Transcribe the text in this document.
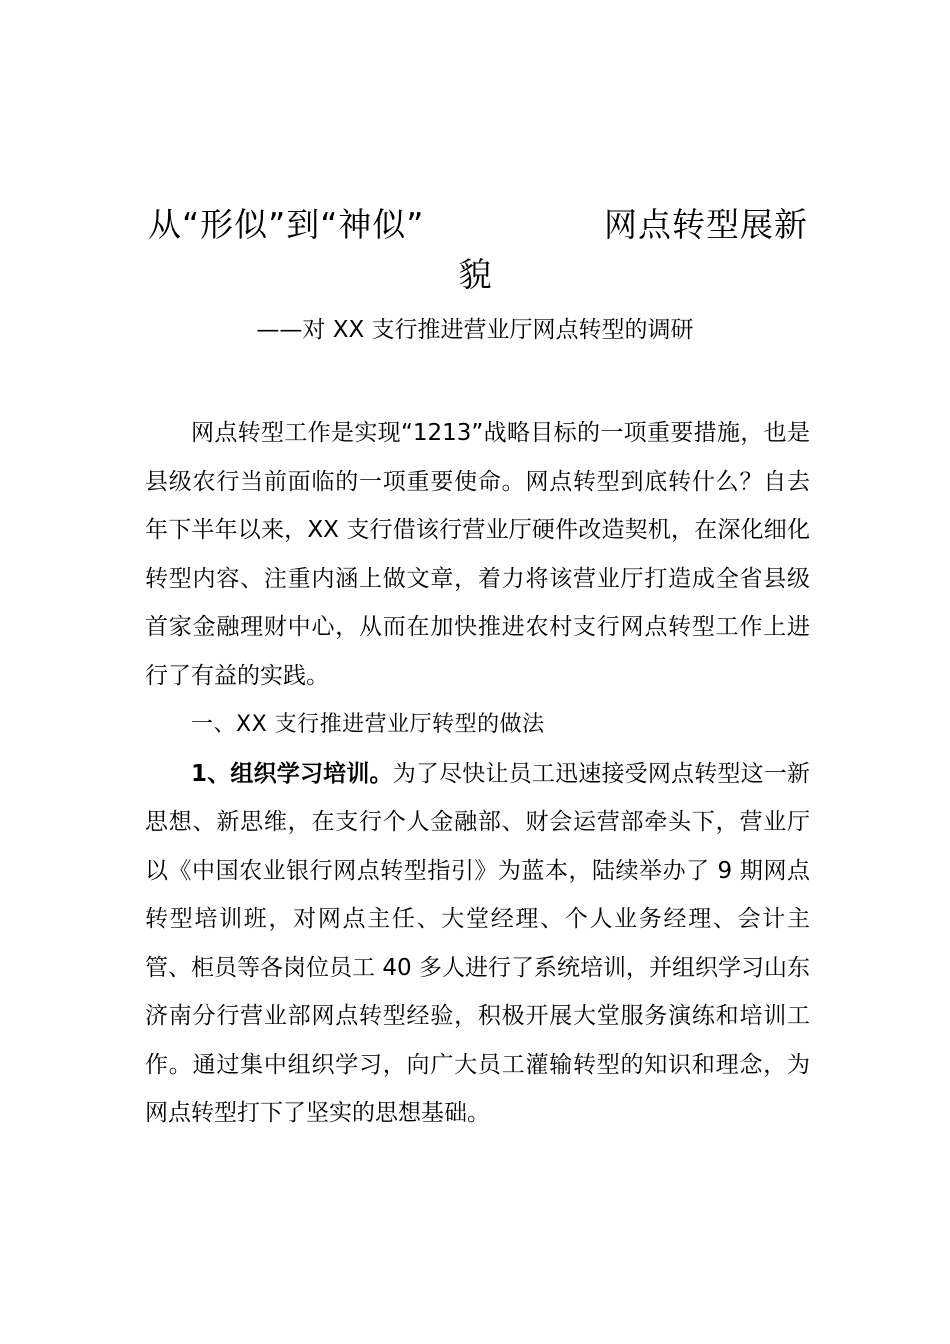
从“形似”到“神似”	网点转型展新
貌
——对 XX 支行推进营业厅网点转型的调研

网点转型工作是实现“1213”战略目标的一项重要措施，也是县级农行当前面临的一项重要使命。网点转型到底转什么？自去年下半年以来，XX 支行借该行营业厅硬件改造契机，在深化细化转型内容、注重内涵上做文章，着力将该营业厅打造成全省县级首家金融理财中心，从而在加快推进农村支行网点转型工作上进行了有益的实践。

一、XX 支行推进营业厅转型的做法

1、组织学习培训。为了尽快让员工迅速接受网点转型这一新思想、新思维，在支行个人金融部、财会运营部牵头下，营业厅以《中国农业银行网点转型指引》为蓝本，陆续举办了 9 期网点转型培训班，对网点主任、大堂经理、个人业务经理、会计主管、柜员等各岗位员工 40 多人进行了系统培训，并组织学习山东济南分行营业部网点转型经验，积极开展大堂服务演练和培训工作。通过集中组织学习，向广大员工灌输转型的知识和理念，为网点转型打下了坚实的思想基础。
